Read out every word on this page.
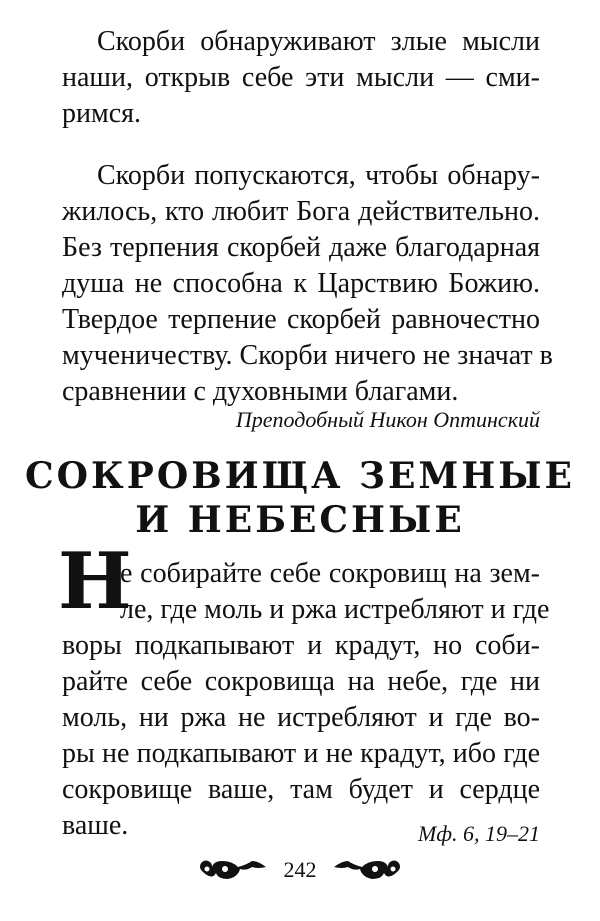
Скорби обнаруживают злые мысли
наши, открыв себе эти мысли — сми-
римся.
Скорби попускаются, чтобы обнару-
жилось, кто любит Бога действительно.
Без терпения скорбей даже благодарная
душа не способна к Царствию Божию.
Твердое терпение скорбей равночестно
мученичеству. Скорби ничего не значат в
сравнении с духовными благами.
Преподобный Никон Оптинский
СОКРОВИЩА ЗЕМНЫЕ
И НЕБЕСНЫЕ
Н
е собирайте себе сокровищ на зем-
ле, где моль и ржа истребляют и где
воры подкапывают и крадут, но соби-
райте себе сокровища на небе, где ни
моль, ни ржа не истребляют и где во-
ры не подкапывают и не крадут, ибо где
сокровище ваше, там будет и сердце
ваше.	Мф. 6, 19–21
242
